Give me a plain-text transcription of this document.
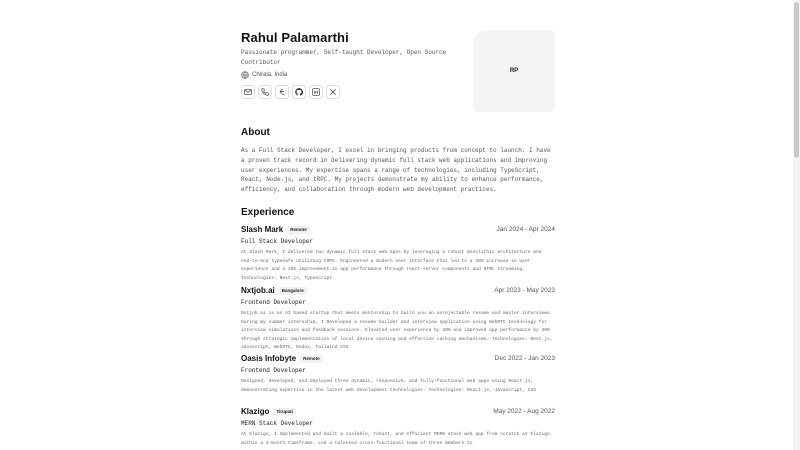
Rahul Palamarthi
Passionate programmer, Self-taught Developer, Open Source Contributor
Chirala, India
RP
About
As a Full Stack Developer, I excel in bringing products from concept to launch. I have a proven track record in delivering dynamic full stack web applications and improving user experiences. My expertise spans a range of technologies, including TypeScript, React, Node.js, and tRPC. My projects demonstrate my ability to enhance performance, efficiency, and collaboration through modern web development practices.
Experience
Slash Mark	Remote	Jan 2024 - Apr 2024
Full Stack Developer
At Slash Mark, I delivered two dynamic full stack web apps by leveraging a robust monolithic architecture and end-to-end typesafe utilizing tRPC. Engineered a modern user interface that led to a 30% increase in user experience and a 15% improvement in app performance through react-server components and HTML streaming. Technologies: Next.js, TypeScript
Nxtjob.ai	Bangalore	Apr 2023 - May 2023
Frontend Developer
Nxtjob.ai is an AI based startup that meets mentorship to build you an unrejectable resume and master interviews. During my summer internship, I Developed a resume builder and interview application using WebRTC technology for interview simulations and feedback sessions. Elevated user experience by 30% and improved app performance by 40% through strategic implementation of local device caching and effective caching mechanisms. Technologies: Next.js, Javascript, WebRTC, Redux, Tailwind CSS
Oasis Infobyte	Remote	Dec 2022 - Jan 2023
Frontend Developer
Designed, developed, and deployed three dynamic, responsive, and fully-functional web apps using React.js, demonstrating expertise in the latest web development technologies. Technologies: React.js, Javascript, CSS
Klazigo	Tirupati	May 2022 - Aug 2022
MERN Stack Developer
At Klazigo, I Implemented and built a scalable, robust, and efficient MERN stack web app from scratch at Klazigo within a 3-month timeframe. Led a talented cross-functional team of three members to
